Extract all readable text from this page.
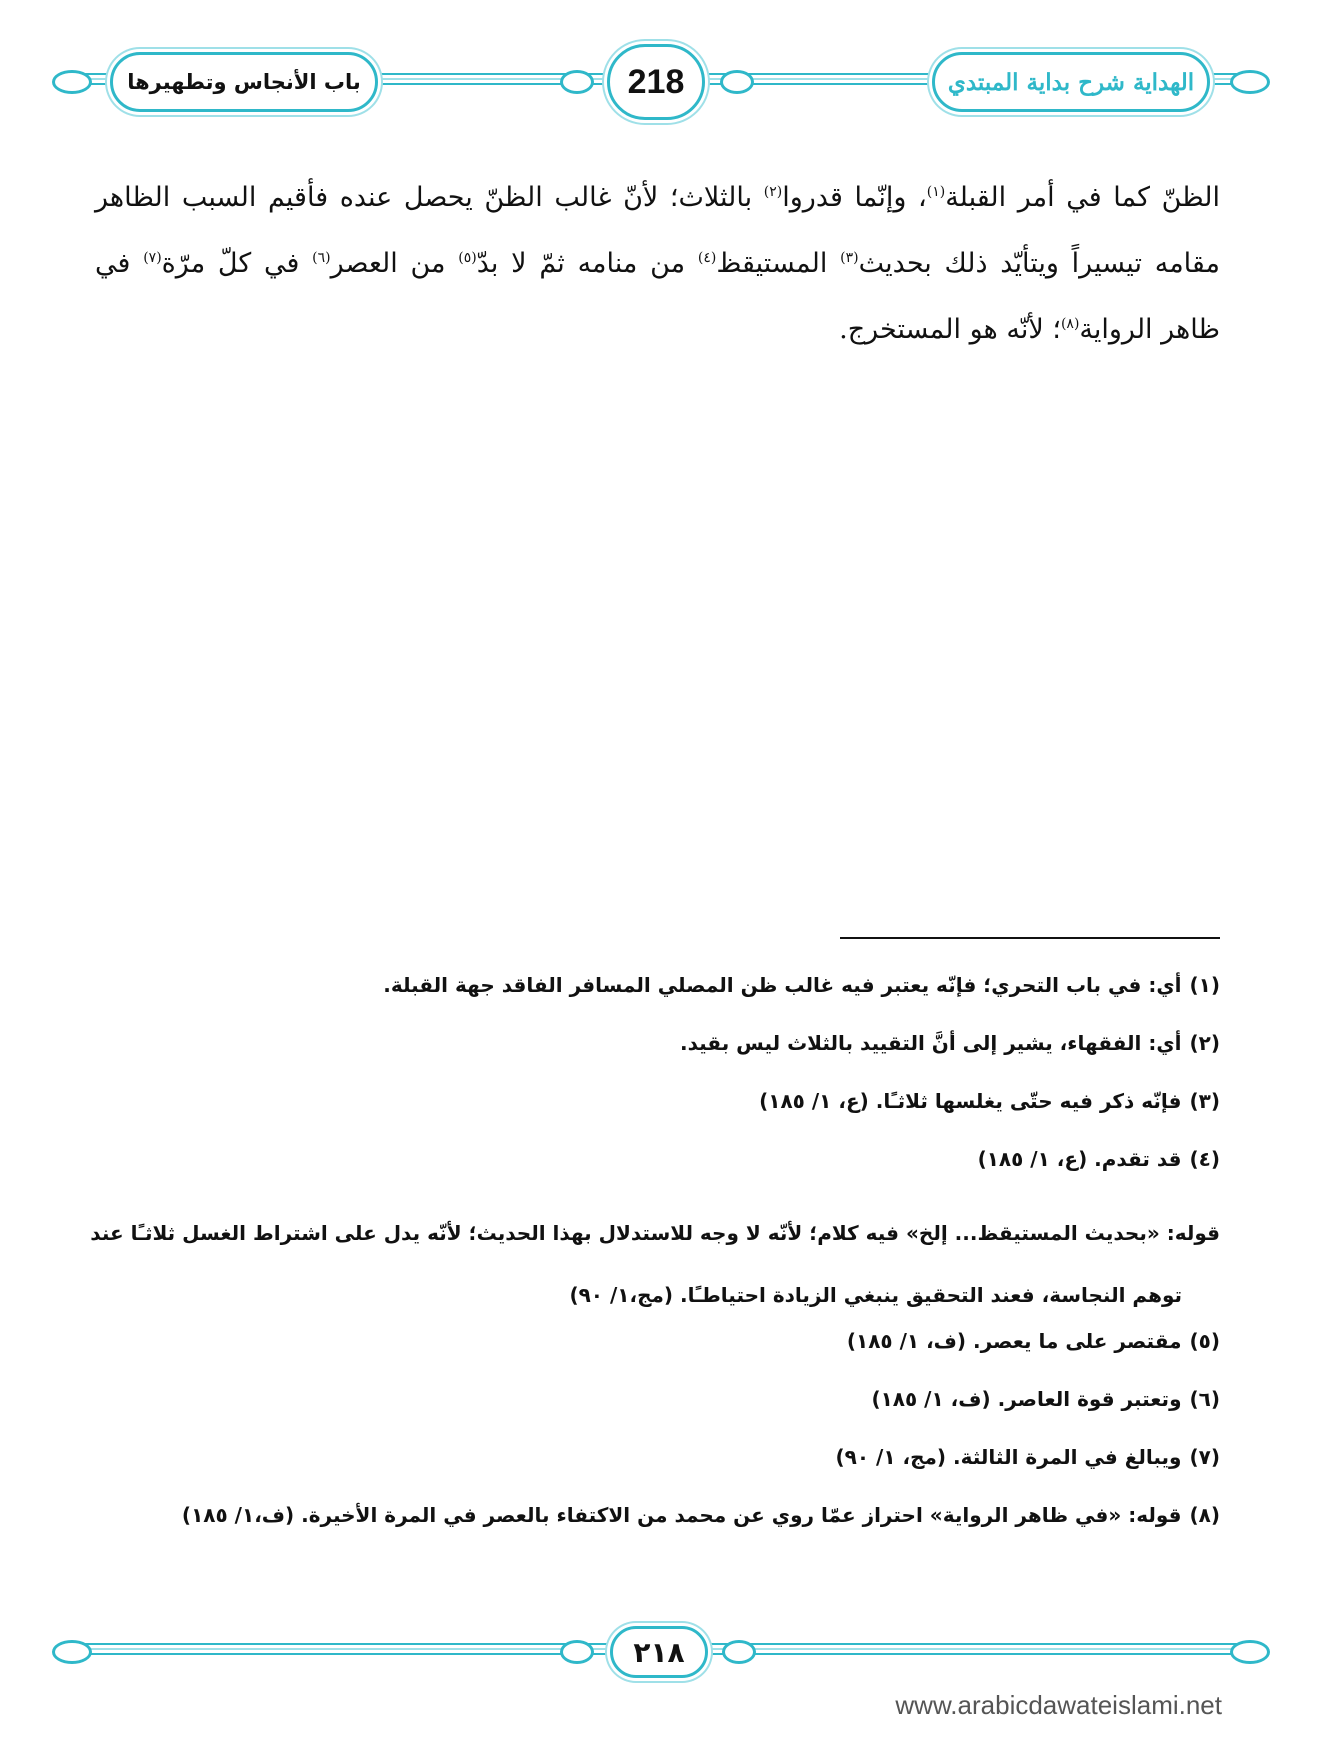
باب الأنجاس وتطهيرها	218	الهداية شرح بداية المبتدي

الظنّ كما في أمر القبلة$^{(١)}$، وإنّما قدروا$^{(٢)}$ بالثلاث؛ لأنّ غالب الظنّ يحصل عنده فأقيم السبب الظاهر مقامه تيسيراً ويتأيّد ذلك بحديث$^{(٣)}$ المستيقظ$^{(٤)}$ من منامه ثمّ لا بدّ$^{(٥)}$ من العصر$^{(٦)}$ في كلّ مرّة$^{(٧)}$ في ظاهر الرواية$^{(٨)}$؛ لأنّه هو المستخرج.

(١)أي: في باب التحري؛ فإنّه يعتبر فيه غالب ظن المصلي المسافر الفاقد جهة القبلة.

(٢)أي: الفقهاء، يشير إلى أنَّ التقييد بالثلاث ليس بقيد.

(٣)فإنّه ذكر فيه حتّى يغلسها ثلاثـًا. (ع، ١/ ١٨٥)

(٤)قد تقدم. (ع، ١/ ١٨٥)

قوله: «بحديث المستيقظ... إلخ» فيه كلام؛ لأنّه لا وجه للاستدلال بهذا الحديث؛ لأنّه يدل على اشتراط الغسل ثلاثـًا عند
توهم النجاسة، فعند التحقيق ينبغي الزيادة احتياطـًا. (مج،١/ ٩٠)

(٥)مقتصر على ما يعصر. (ف، ١/ ١٨٥)

(٦)وتعتبر قوة العاصر. (ف، ١/ ١٨٥)

(٧)ويبالغ في المرة الثالثة. (مج، ١/ ٩٠)

(٨)قوله: «في ظاهر الرواية» احتراز عمّا روي عن محمد من الاكتفاء بالعصر في المرة الأخيرة. (ف،١/ ١٨٥)

٢١٨
www.arabicdawateislami.net
